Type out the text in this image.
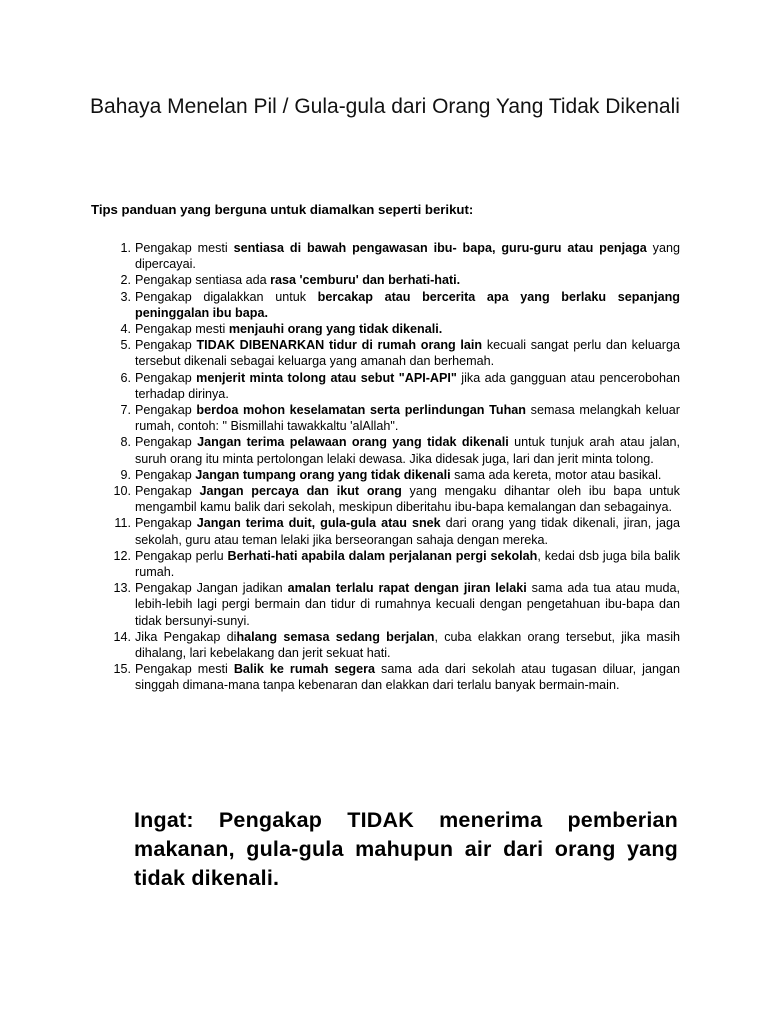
Bahaya Menelan Pil / Gula-gula dari Orang Yang Tidak Dikenali
Tips panduan yang berguna untuk diamalkan seperti berikut:
1. Pengakap mesti sentiasa di bawah pengawasan ibu- bapa, guru-guru atau penjaga yang dipercayai.
2. Pengakap sentiasa ada rasa 'cemburu' dan berhati-hati.
3. Pengakap digalakkan untuk bercakap atau bercerita apa yang berlaku sepanjang peninggalan ibu bapa.
4. Pengakap mesti menjauhi orang yang tidak dikenali.
5. Pengakap TIDAK DIBENARKAN tidur di rumah orang lain kecuali sangat perlu dan keluarga tersebut dikenali sebagai keluarga yang amanah dan berhemah.
6. Pengakap menjerit minta tolong atau sebut "API-API" jika ada gangguan atau pencerobohan terhadap dirinya.
7. Pengakap berdoa mohon keselamatan serta perlindungan Tuhan semasa melangkah keluar rumah, contoh: " Bismillahi tawakkaltu 'alAllah".
8. Pengakap Jangan terima pelawaan orang yang tidak dikenali untuk tunjuk arah atau jalan, suruh orang itu minta pertolongan lelaki dewasa. Jika didesak juga, lari dan jerit minta tolong.
9. Pengakap Jangan tumpang orang yang tidak dikenali sama ada kereta, motor atau basikal.
10. Pengakap Jangan percaya dan ikut orang yang mengaku dihantar oleh ibu bapa untuk mengambil kamu balik dari sekolah, meskipun diberitahu ibu-bapa kemalangan dan sebagainya.
11. Pengakap Jangan terima duit, gula-gula atau snek dari orang yang tidak dikenali, jiran, jaga sekolah, guru atau teman lelaki jika berseorangan sahaja dengan mereka.
12. Pengakap perlu Berhati-hati apabila dalam perjalanan pergi sekolah, kedai dsb juga bila balik rumah.
13. Pengakap Jangan jadikan amalan terlalu rapat dengan jiran lelaki sama ada tua atau muda, lebih-lebih lagi pergi bermain dan tidur di rumahnya kecuali dengan pengetahuan ibu-bapa dan tidak bersunyi-sunyi.
14. Jika Pengakap dihalang semasa sedang berjalan, cuba elakkan orang tersebut, jika masih dihalang, lari kebelakang dan jerit sekuat hati.
15. Pengakap mesti Balik ke rumah segera sama ada dari sekolah atau tugasan diluar, jangan singgah dimana-mana tanpa kebenaran dan elakkan dari terlalu banyak bermain-main.
Ingat: Pengakap TIDAK menerima pemberian makanan, gula-gula mahupun air dari orang yang tidak dikenali.
